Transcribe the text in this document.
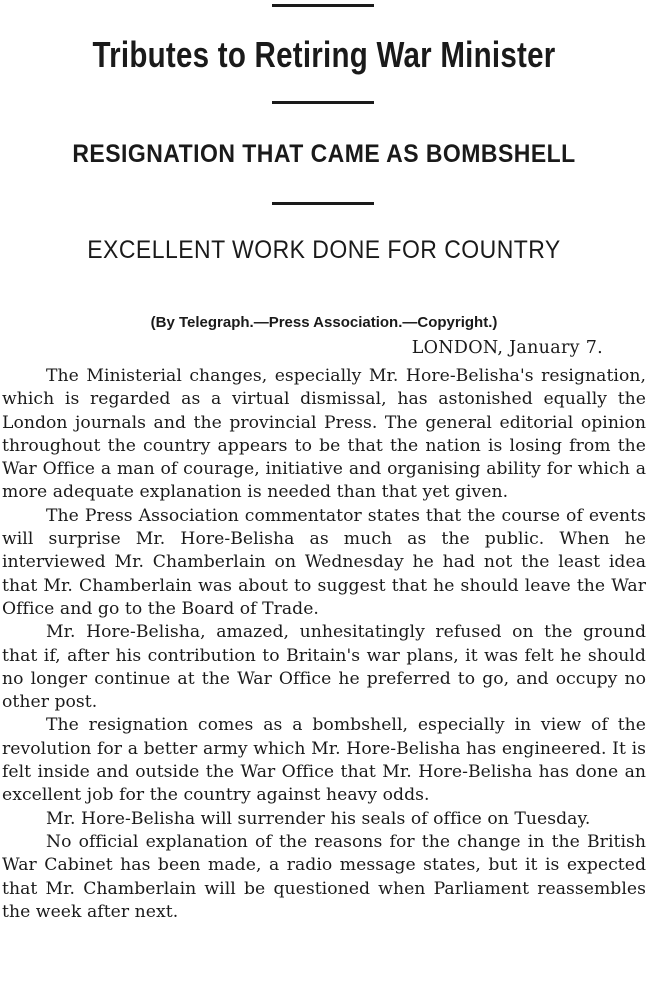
Tributes to Retiring War Minister
RESIGNATION THAT CAME AS BOMBSHELL
EXCELLENT WORK DONE FOR COUNTRY
(By Telegraph.—Press Association.—Copyright.)
LONDON, January 7.

The Ministerial changes, especially Mr. Hore-Belisha's resignation, which is regarded as a virtual dismissal, has astonished equally the London journals and the provincial Press. The general editorial opinion throughout the country appears to be that the nation is losing from the War Office a man of courage, initiative and organising ability for which a more adequate explanation is needed than that yet given.

The Press Association commentator states that the course of events will surprise Mr. Hore-Belisha as much as the public. When he interviewed Mr. Chamberlain on Wednesday he had not the least idea that Mr. Chamberlain was about to suggest that he should leave the War Office and go to the Board of Trade.

Mr. Hore-Belisha, amazed, unhesitatingly refused on the ground that if, after his contribution to Britain's war plans, it was felt he should no longer continue at the War Office he preferred to go, and occupy no other post.

The resignation comes as a bombshell, especially in view of the revolution for a better army which Mr. Hore-Belisha has engineered. It is felt inside and outside the War Office that Mr. Hore-Belisha has done an excellent job for the country against heavy odds.

Mr. Hore-Belisha will surrender his seals of office on Tuesday.

No official explanation of the reasons for the change in the British War Cabinet has been made, a radio message states, but it is expected that Mr. Chamberlain will be questioned when Parliament reassembles the week after next.
